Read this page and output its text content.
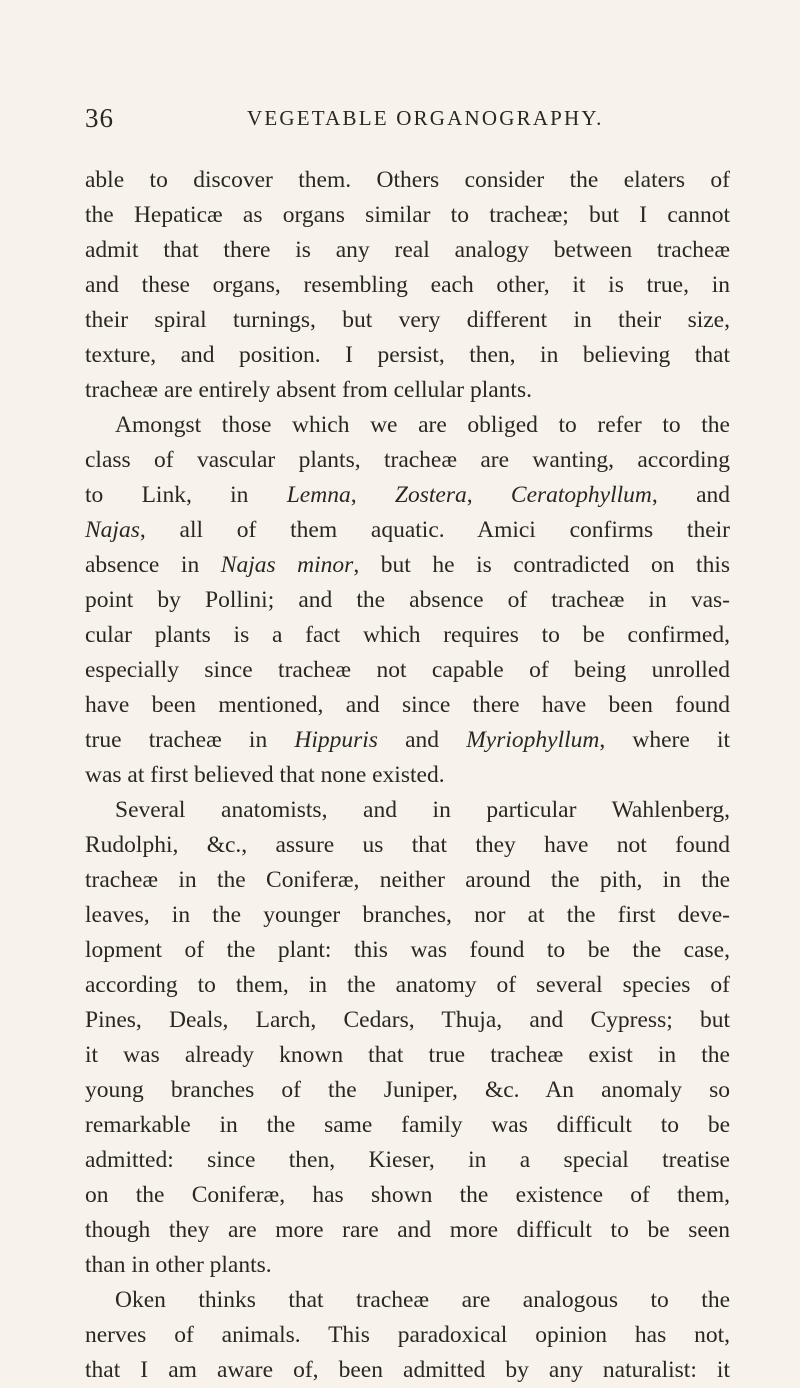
36	VEGETABLE ORGANOGRAPHY.
able to discover them. Others consider the elaters of
the Hepaticæ as organs similar to tracheæ; but I cannot
admit that there is any real analogy between tracheæ
and these organs, resembling each other, it is true, in
their spiral turnings, but very different in their size,
texture, and position. I persist, then, in believing that
tracheæ are entirely absent from cellular plants.
Amongst those which we are obliged to refer to the
class of vascular plants, tracheæ are wanting, according
to Link, in Lemna, Zostera, Ceratophyllum, and
Najas, all of them aquatic. Amici confirms their
absence in Najas minor, but he is contradicted on this
point by Pollini; and the absence of tracheæ in vas-
cular plants is a fact which requires to be confirmed,
especially since tracheæ not capable of being unrolled
have been mentioned, and since there have been found
true tracheæ in Hippuris and Myriophyllum, where it
was at first believed that none existed.
Several anatomists, and in particular Wahlenberg,
Rudolphi, &c., assure us that they have not found
tracheæ in the Coniferæ, neither around the pith, in the
leaves, in the younger branches, nor at the first deve-
lopment of the plant: this was found to be the case,
according to them, in the anatomy of several species of
Pines, Deals, Larch, Cedars, Thuja, and Cypress; but
it was already known that true tracheæ exist in the
young branches of the Juniper, &c. An anomaly so
remarkable in the same family was difficult to be
admitted: since then, Kieser, in a special treatise
on the Coniferæ, has shown the existence of them,
though they are more rare and more difficult to be seen
than in other plants.
Oken thinks that tracheæ are analogous to the
nerves of animals. This paradoxical opinion has not,
that I am aware of, been admitted by any naturalist: it
